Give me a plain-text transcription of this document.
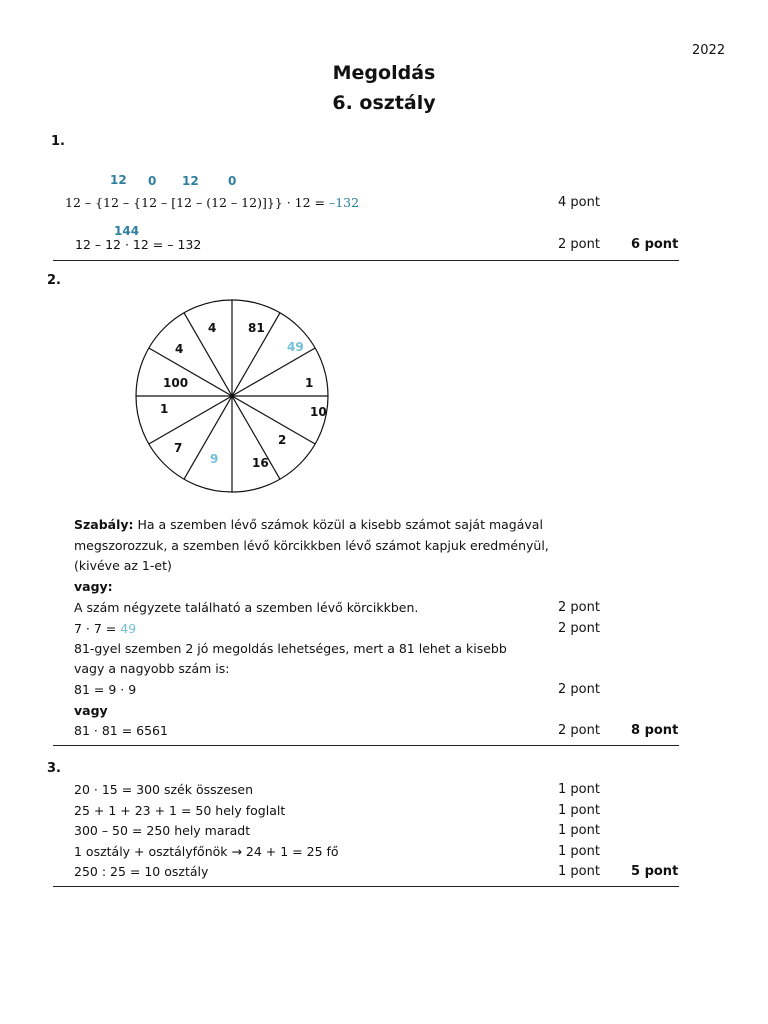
2022
Megoldás
6. osztály
1.
12 0 12 0
12 – {12 – {12 – [12 – (12 – 12)]}} · 12 = –132	4 pont
144
12 – 12 · 12 = – 132	2 pont 6 pont
2.
4	81
49
4
100	1
1	10
7
9
2
16
Szabály: Ha a szemben lévő számok közül a kisebb számot saját magával
megszorozzuk, a szemben lévő körcikkben lévő számot kapjuk eredményül,
(kivéve az 1-et)
vagy:
A szám négyzete található a szemben lévő körcikkben.	2 pont
7 · 7 = 49	2 pont
81-gyel szemben 2 jó megoldás lehetséges, mert a 81 lehet a kisebb
vagy a nagyobb szám is:
81 = 9 · 9	2 pont
vagy
81 · 81 = 6561	2 pont 8 pont
3.
20 · 15 = 300 szék összesen	1 pont
25 + 1 + 23 + 1 = 50 hely foglalt	1 pont
300 – 50 = 250 hely maradt	1 pont
1 osztály + osztályfőnök → 24 + 1 = 25 fő	1 pont
250 : 25 = 10 osztály	1 pont 5 pont
